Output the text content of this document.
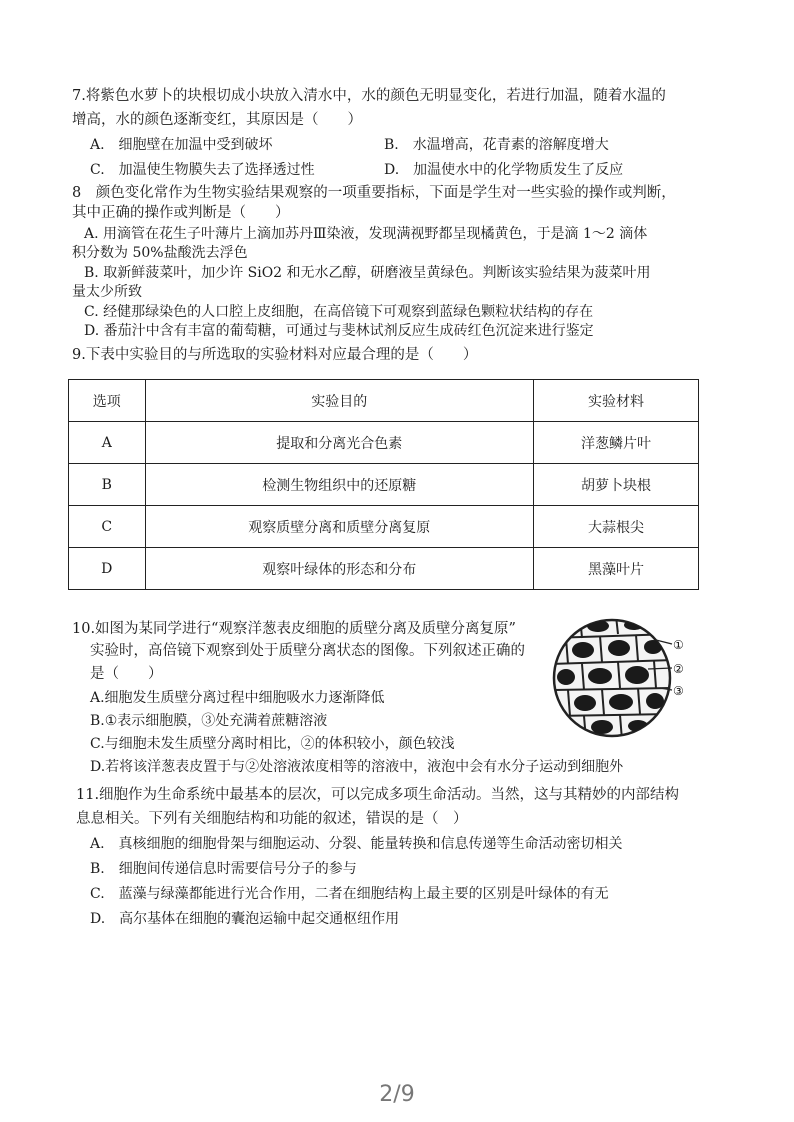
7.将紫色水萝卜的块根切成小块放入清水中，水的颜色无明显变化，若进行加温，随着水温的
增高，水的颜色逐渐变红，其原因是（　　）
A.　细胞壁在加温中受到破坏	B.　水温增高，花青素的溶解度增大
C.　加温使生物膜失去了选择透过性	D.　加温使水中的化学物质发生了反应
8　颜色变化常作为生物实验结果观察的一项重要指标，下面是学生对一些实验的操作或判断，
其中正确的操作或判断是（　　）
A. 用滴管在花生子叶薄片上滴加苏丹Ⅲ染液，发现满视野都呈现橘黄色，于是滴 1～2 滴体
积分数为 50%盐酸洗去浮色
B. 取新鲜菠菜叶，加少许 SiO2 和无水乙醇，研磨液呈黄绿色。判断该实验结果为菠菜叶用
量太少所致
C. 经健那绿染色的人口腔上皮细胞，在高倍镜下可观察到蓝绿色颗粒状结构的存在
D. 番茄汁中含有丰富的葡萄糖，可通过与斐林试剂反应生成砖红色沉淀来进行鉴定
9.下表中实验目的与所选取的实验材料对应最合理的是（　　）
选项	实验目的	实验材料
A	提取和分离光合色素	洋葱鳞片叶
B	检测生物组织中的还原糖	胡萝卜块根
C	观察质壁分离和质壁分离复原	大蒜根尖
D	观察叶绿体的形态和分布	黑藻叶片
10.如图为某同学进行“观察洋葱表皮细胞的质壁分离及质壁分离复原”
实验时，高倍镜下观察到处于质壁分离状态的图像。下列叙述正确的
是（　　）
A.细胞发生质壁分离过程中细胞吸水力逐渐降低
B.①表示细胞膜，③处充满着蔗糖溶液
C.与细胞未发生质壁分离时相比，②的体积较小，颜色较浅
D.若将该洋葱表皮置于与②处溶液浓度相等的溶液中，液泡中会有水分子运动到细胞外
①
②
③
11.细胞作为生命系统中最基本的层次，可以完成多项生命活动。当然，这与其精妙的内部结构
息息相关。下列有关细胞结构和功能的叙述，错误的是（　）
A.　真核细胞的细胞骨架与细胞运动、分裂、能量转换和信息传递等生命活动密切相关
B.　细胞间传递信息时需要信号分子的参与
C.　蓝藻与绿藻都能进行光合作用，二者在细胞结构上最主要的区别是叶绿体的有无
D.　高尔基体在细胞的囊泡运输中起交通枢纽作用
2/9
